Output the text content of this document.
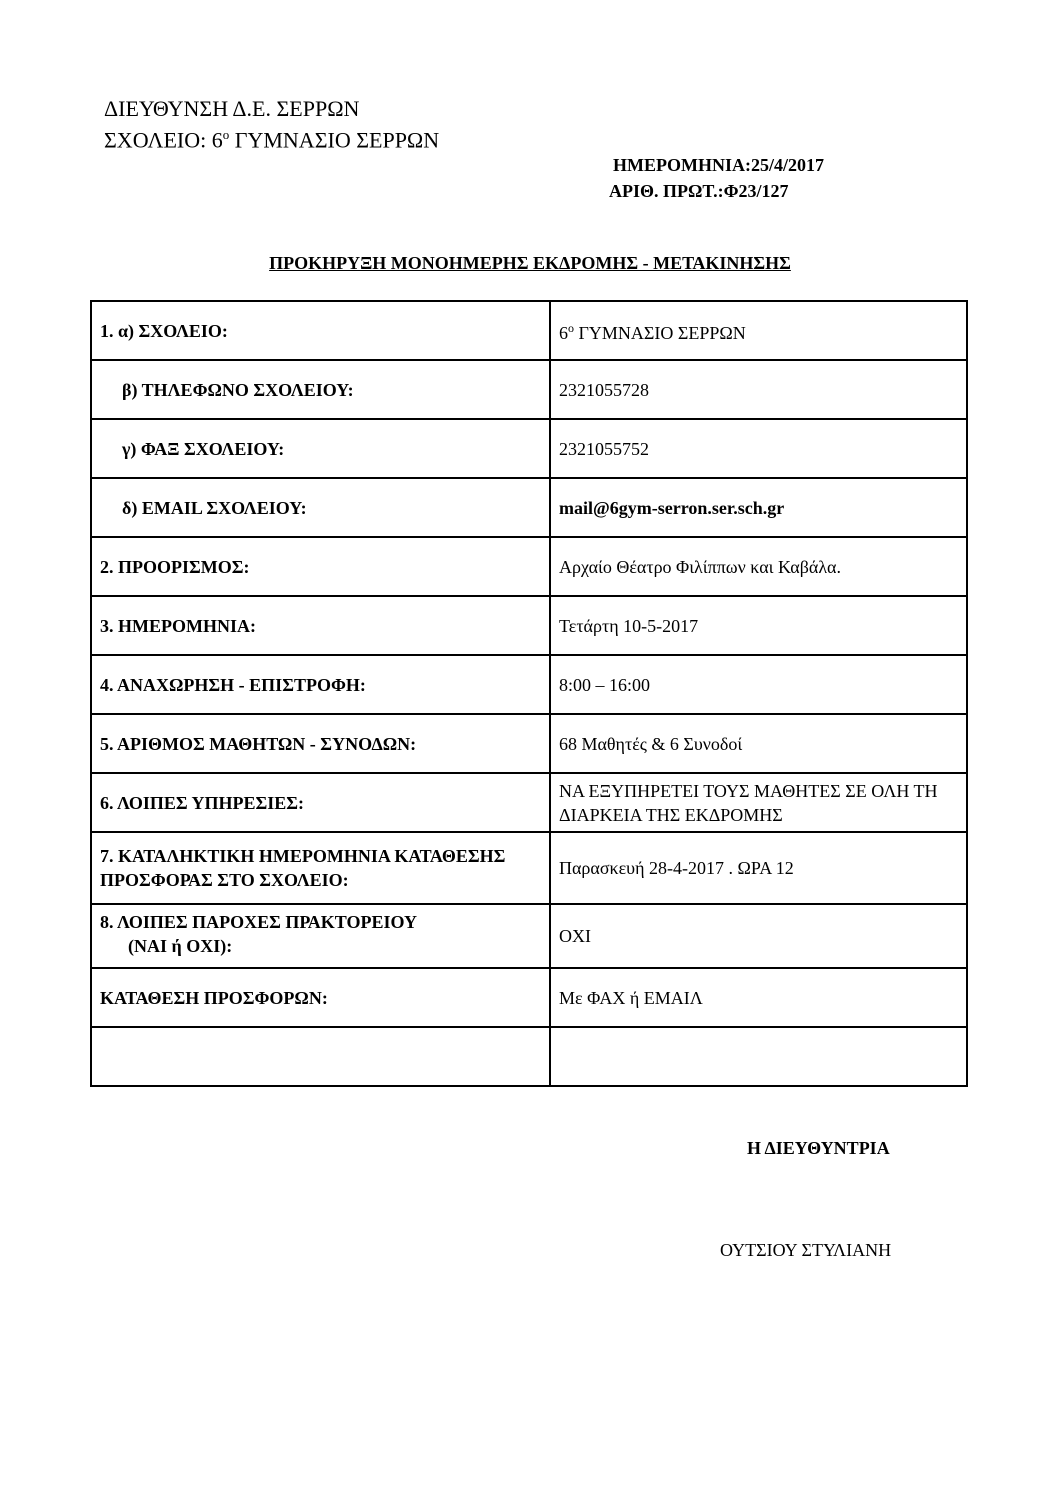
ΔΙΕΥΘΥΝΣΗ Δ.Ε. ΣΕΡΡΩΝ
ΣΧΟΛΕΙΟ: $6^o$ ΓΥΜΝΑΣΙΟ ΣΕΡΡΩΝ
ΗΜΕΡΟΜΗΝΙΑ:25/4/2017
ΑΡΙΘ. ΠΡΩΤ.:Φ23/127
ΠΡΟΚΗΡΥΞΗ ΜΟΝΟΗΜΕΡΗΣ ΕΚΔΡΟΜΗΣ - ΜΕΤΑΚΙΝΗΣΗΣ
1. α) ΣΧΟΛΕΙΟ:	$6^o$ ΓΥΜΝΑΣΙΟ ΣΕΡΡΩΝ
β) ΤΗΛΕΦΩΝΟ ΣΧΟΛΕΙΟΥ:	2321055728
γ) ΦΑΞ ΣΧΟΛΕΙΟΥ:	2321055752
δ) EMAIL ΣΧΟΛΕΙΟΥ:	mail@6gym-serron.ser.sch.gr
2. ΠΡΟΟΡΙΣΜΟΣ:	Αρχαίο Θέατρο Φιλίππων και Καβάλα.
3. ΗΜΕΡΟΜΗΝΙΑ:	Τετάρτη 10-5-2017
4. ΑΝΑΧΩΡΗΣΗ - ΕΠΙΣΤΡΟΦΗ:	8:00 – 16:00
5. ΑΡΙΘΜΟΣ ΜΑΘΗΤΩΝ - ΣΥΝΟΔΩΝ:	68 Μαθητές & 6 Συνοδοί
6. ΛΟΙΠΕΣ ΥΠΗΡΕΣΙΕΣ:	ΝΑ ΕΞΥΠΗΡΕΤΕΙ ΤΟΥΣ ΜΑΘΗΤΕΣ ΣΕ ΟΛΗ ΤΗ ΔΙΑΡΚΕΙΑ ΤΗΣ ΕΚΔΡΟΜΗΣ
7. ΚΑΤΑΛΗΚΤΙΚΗ ΗΜΕΡΟΜΗΝΙΑ ΚΑΤΑΘΕΣΗΣ ΠΡΟΣΦΟΡΑΣ ΣΤΟ ΣΧΟΛΕΙΟ:	Παρασκευή 28-4-2017 . ΩΡΑ 12
8. ΛΟΙΠΕΣ ΠΑΡΟΧΕΣ ΠΡΑΚΤΟΡΕΙΟΥ
(ΝΑΙ ή ΟΧΙ):	ΟΧΙ
ΚΑΤΑΘΕΣΗ ΠΡΟΣΦΟΡΩΝ:	Με ΦΑΧ ή ΕΜΑΙΛ

Η ΔΙΕΥΘΥΝΤΡΙΑ
ΟΥΤΣΙΟΥ ΣΤΥΛΙΑΝΗ
